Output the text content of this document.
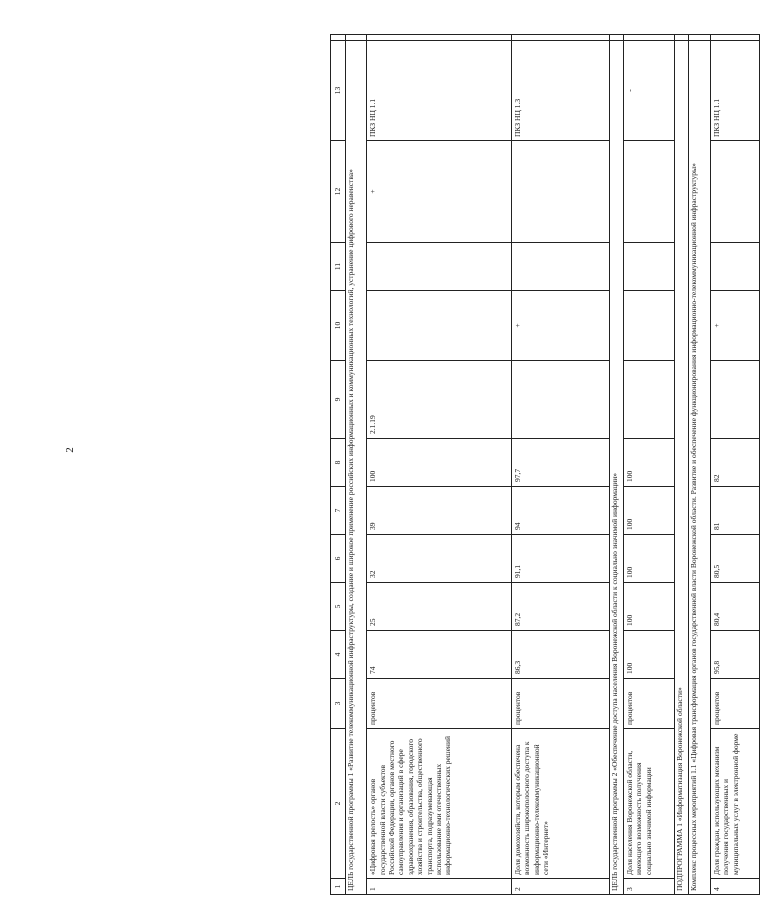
2
1	2	3	4	5	6	7	8	9	10	11	12	13	
ЦЕЛЬ государственной программы 1 «Развитие телекоммуникационной инфраструктуры, создание и широкое применение российских информационных и коммуникационных технологий, устранение цифрового неравенства»													
1	«Цифровая зрелость» органов государственной власти субъектов Российской Федерации, органов местного самоуправления и организаций в сфере здравоохранения, образования, городского хозяйства и строительства, общественного транспорта, подразумевающая использование ими отечественных информационно-технологических решений	процентов	74	25	32	39	100	2.1.19			+	ПКЗ НЦ 1.1	
2	Доля домохозяйств, которым обеспечена возможность широкополосного доступа к информационно-телекоммуникационной сети «Интернет»	процентов	86,3	87,2	91,1	94	97,7		+			ПКЗ НЦ 1.3	
ЦЕЛЬ государственной программы 2 «Обеспечение доступа населения Воронежской области к социально значимой информации»													
3	Доля населения Воронежской области, имеющего возможность получения социально значимой информации	процентов	100	100	100	100	100					-	
ПОДПРОГРАММА 1 «Информатизация Воронежской области»													
Комплекс процессных мероприятий 1.1 «Цифровая трансформация органов государственной власти Воронежской области. Развитие и обеспечение функционирования информационно-телекоммуникационной инфраструктуры»													
4	Доля граждан, использующих механизм получения государственных и муниципальных услуг в электронной форме	процентов	95,8	80,4	80,5	81	82		+			ПКЗ НЦ 1.1	
